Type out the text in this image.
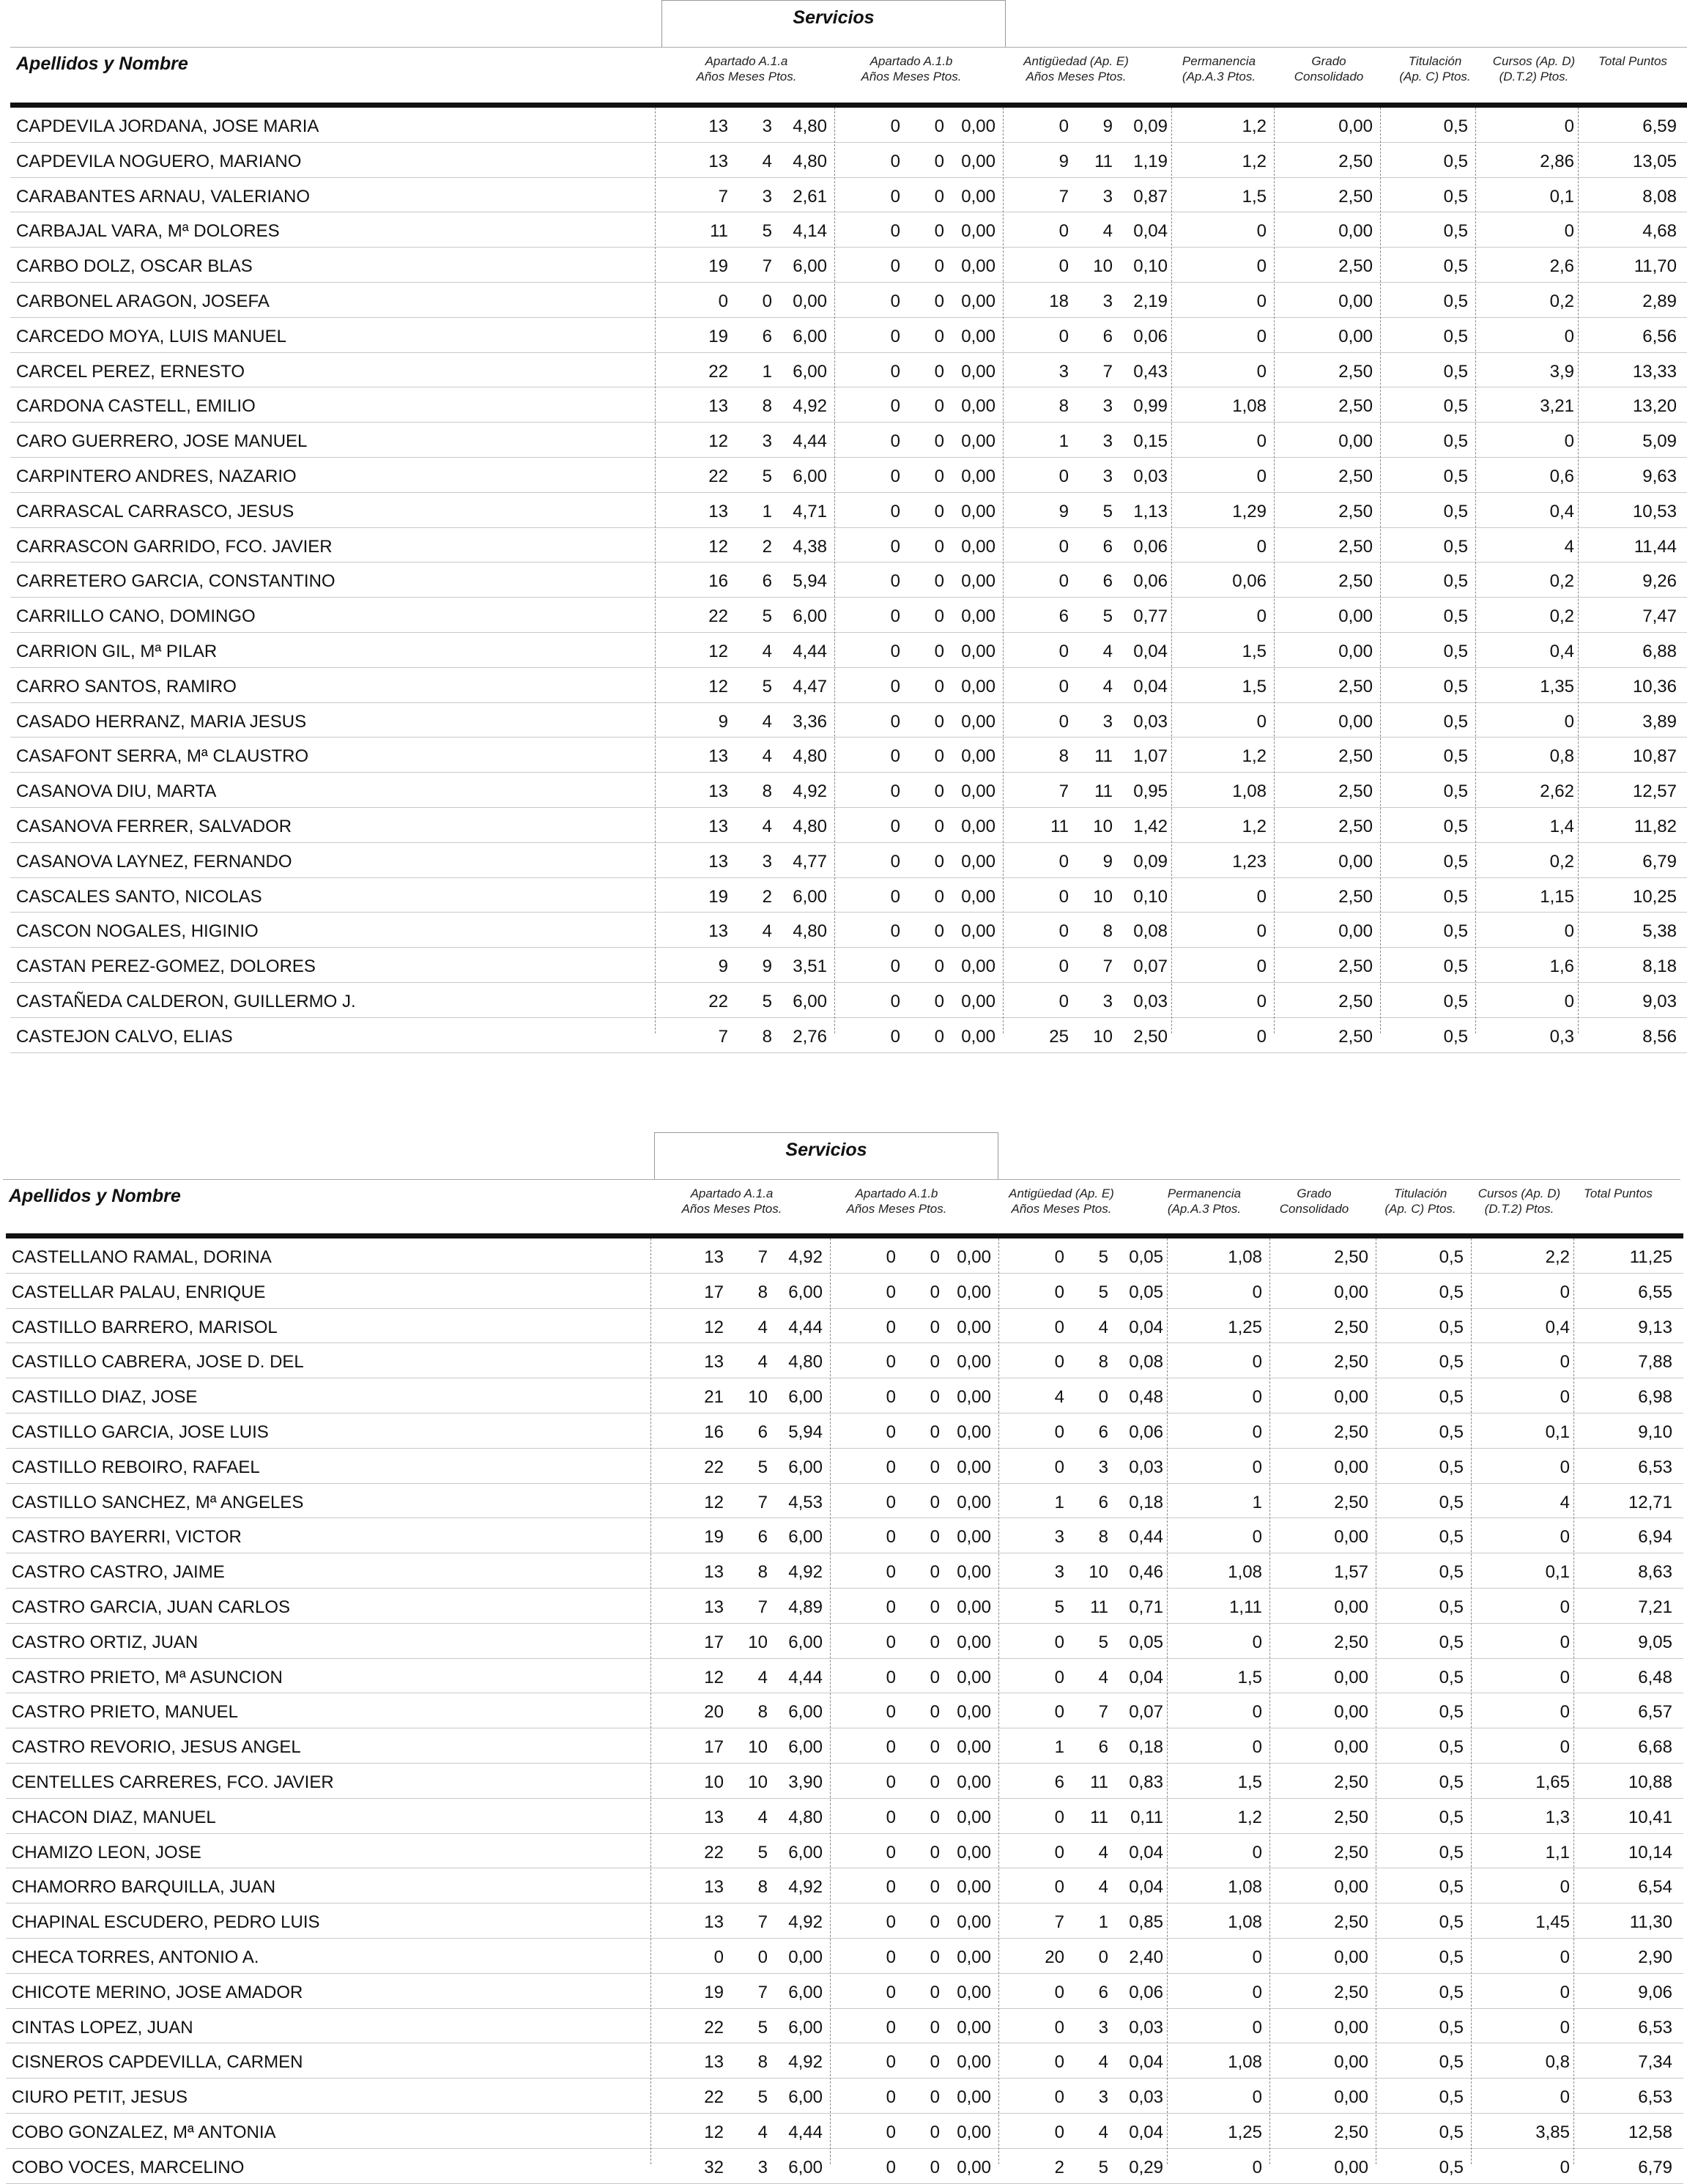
Servicios
Apellidos y Nombre	Apartado A.1.a
Años Meses Ptos.
Apartado A.1.b
Años Meses Ptos.
Antigüedad (Ap. E)
Años Meses Ptos.
Permanencia
(Ap.A.3 Ptos.
Grado
Consolidado
Titulación
(Ap. C) Ptos.
Cursos (Ap. D)
(D.T.2) Ptos.
Total Puntos
CAPDEVILA JORDANA, JOSE MARIA	13 3 4,80	0 0 0,00	0 9 0,09	1,2	0,00	0,5	0	6,59
CAPDEVILA NOGUERO, MARIANO	13 4 4,80	0 0 0,00	9 11 1,19	1,2	2,50	0,5	2,86	13,05
CARABANTES ARNAU, VALERIANO	7 3 2,61	0 0 0,00	7 3 0,87	1,5	2,50	0,5	0,1	8,08
CARBAJAL VARA, Mª DOLORES	11 5 4,14	0 0 0,00	0 4 0,04	0	0,00	0,5	0	4,68
CARBO DOLZ, OSCAR BLAS	19 7 6,00	0 0 0,00	0 10 0,10	0	2,50	0,5	2,6	11,70
CARBONEL ARAGON, JOSEFA	0 0 0,00	0 0 0,00	18 3 2,19	0	0,00	0,5	0,2	2,89
CARCEDO MOYA, LUIS MANUEL	19 6 6,00	0 0 0,00	0 6 0,06	0	0,00	0,5	0	6,56
CARCEL PEREZ, ERNESTO	22 1 6,00	0 0 0,00	3 7 0,43	0	2,50	0,5	3,9	13,33
CARDONA CASTELL, EMILIO	13 8 4,92	0 0 0,00	8 3 0,99	1,08	2,50	0,5	3,21	13,20
CARO GUERRERO, JOSE MANUEL	12 3 4,44	0 0 0,00	1 3 0,15	0	0,00	0,5	0	5,09
CARPINTERO ANDRES, NAZARIO	22 5 6,00	0 0 0,00	0 3 0,03	0	2,50	0,5	0,6	9,63
CARRASCAL CARRASCO, JESUS	13 1 4,71	0 0 0,00	9 5 1,13	1,29	2,50	0,5	0,4	10,53
CARRASCON GARRIDO, FCO. JAVIER	12 2 4,38	0 0 0,00	0 6 0,06	0	2,50	0,5	4	11,44
CARRETERO GARCIA, CONSTANTINO	16 6 5,94	0 0 0,00	0 6 0,06	0,06	2,50	0,5	0,2	9,26
CARRILLO CANO, DOMINGO	22 5 6,00	0 0 0,00	6 5 0,77	0	0,00	0,5	0,2	7,47
CARRION GIL, Mª PILAR	12 4 4,44	0 0 0,00	0 4 0,04	1,5	0,00	0,5	0,4	6,88
CARRO SANTOS, RAMIRO	12 5 4,47	0 0 0,00	0 4 0,04	1,5	2,50	0,5	1,35	10,36
CASADO HERRANZ, MARIA JESUS	9 4 3,36	0 0 0,00	0 3 0,03	0	0,00	0,5	0	3,89
CASAFONT SERRA, Mª CLAUSTRO	13 4 4,80	0 0 0,00	8 11 1,07	1,2	2,50	0,5	0,8	10,87
CASANOVA DIU, MARTA	13 8 4,92	0 0 0,00	7 11 0,95	1,08	2,50	0,5	2,62	12,57
CASANOVA FERRER, SALVADOR	13 4 4,80	0 0 0,00	11 10 1,42	1,2	2,50	0,5	1,4	11,82
CASANOVA LAYNEZ, FERNANDO	13 3 4,77	0 0 0,00	0 9 0,09	1,23	0,00	0,5	0,2	6,79
CASCALES SANTO, NICOLAS	19 2 6,00	0 0 0,00	0 10 0,10	0	2,50	0,5	1,15	10,25
CASCON NOGALES, HIGINIO	13 4 4,80	0 0 0,00	0 8 0,08	0	0,00	0,5	0	5,38
CASTAN PEREZ-GOMEZ, DOLORES	9 9 3,51	0 0 0,00	0 7 0,07	0	2,50	0,5	1,6	8,18
CASTAÑEDA CALDERON, GUILLERMO J.	22 5 6,00	0 0 0,00	0 3 0,03	0	2,50	0,5	0	9,03
CASTEJON CALVO, ELIAS	7 8 2,76	0 0 0,00	25 10 2,50	0	2,50	0,5	0,3	8,56
Servicios
Apellidos y Nombre	Apartado A.1.a
Años Meses Ptos.
Apartado A.1.b
Años Meses Ptos.
Antigüedad (Ap. E)
Años Meses Ptos.
Permanencia
(Ap.A.3 Ptos.
Grado
Consolidado
Titulación
(Ap. C) Ptos.
Cursos (Ap. D)
(D.T.2) Ptos.
Total Puntos
CASTELLANO RAMAL, DORINA	13 7 4,92	0 0 0,00	0 5 0,05	1,08	2,50	0,5	2,2	11,25
CASTELLAR PALAU, ENRIQUE	17 8 6,00	0 0 0,00	0 5 0,05	0	0,00	0,5	0	6,55
CASTILLO BARRERO, MARISOL	12 4 4,44	0 0 0,00	0 4 0,04	1,25	2,50	0,5	0,4	9,13
CASTILLO CABRERA, JOSE D. DEL	13 4 4,80	0 0 0,00	0 8 0,08	0	2,50	0,5	0	7,88
CASTILLO DIAZ, JOSE	21 10 6,00	0 0 0,00	4 0 0,48	0	0,00	0,5	0	6,98
CASTILLO GARCIA, JOSE LUIS	16 6 5,94	0 0 0,00	0 6 0,06	0	2,50	0,5	0,1	9,10
CASTILLO REBOIRO, RAFAEL	22 5 6,00	0 0 0,00	0 3 0,03	0	0,00	0,5	0	6,53
CASTILLO SANCHEZ, Mª ANGELES	12 7 4,53	0 0 0,00	1 6 0,18	1	2,50	0,5	4	12,71
CASTRO BAYERRI, VICTOR	19 6 6,00	0 0 0,00	3 8 0,44	0	0,00	0,5	0	6,94
CASTRO CASTRO, JAIME	13 8 4,92	0 0 0,00	3 10 0,46	1,08	1,57	0,5	0,1	8,63
CASTRO GARCIA, JUAN CARLOS	13 7 4,89	0 0 0,00	5 11 0,71	1,11	0,00	0,5	0	7,21
CASTRO ORTIZ, JUAN	17 10 6,00	0 0 0,00	0 5 0,05	0	2,50	0,5	0	9,05
CASTRO PRIETO, Mª ASUNCION	12 4 4,44	0 0 0,00	0 4 0,04	1,5	0,00	0,5	0	6,48
CASTRO PRIETO, MANUEL	20 8 6,00	0 0 0,00	0 7 0,07	0	0,00	0,5	0	6,57
CASTRO REVORIO, JESUS ANGEL	17 10 6,00	0 0 0,00	1 6 0,18	0	0,00	0,5	0	6,68
CENTELLES CARRERES, FCO. JAVIER	10 10 3,90	0 0 0,00	6 11 0,83	1,5	2,50	0,5	1,65	10,88
CHACON DIAZ, MANUEL	13 4 4,80	0 0 0,00	0 11 0,11	1,2	2,50	0,5	1,3	10,41
CHAMIZO LEON, JOSE	22 5 6,00	0 0 0,00	0 4 0,04	0	2,50	0,5	1,1	10,14
CHAMORRO BARQUILLA, JUAN	13 8 4,92	0 0 0,00	0 4 0,04	1,08	0,00	0,5	0	6,54
CHAPINAL ESCUDERO, PEDRO LUIS	13 7 4,92	0 0 0,00	7 1 0,85	1,08	2,50	0,5	1,45	11,30
CHECA TORRES, ANTONIO A.	0 0 0,00	0 0 0,00	20 0 2,40	0	0,00	0,5	0	2,90
CHICOTE MERINO, JOSE AMADOR	19 7 6,00	0 0 0,00	0 6 0,06	0	2,50	0,5	0	9,06
CINTAS LOPEZ, JUAN	22 5 6,00	0 0 0,00	0 3 0,03	0	0,00	0,5	0	6,53
CISNEROS CAPDEVILLA, CARMEN	13 8 4,92	0 0 0,00	0 4 0,04	1,08	0,00	0,5	0,8	7,34
CIURO PETIT, JESUS	22 5 6,00	0 0 0,00	0 3 0,03	0	0,00	0,5	0	6,53
COBO GONZALEZ, Mª ANTONIA	12 4 4,44	0 0 0,00	0 4 0,04	1,25	2,50	0,5	3,85	12,58
COBO VOCES, MARCELINO	32 3 6,00	0 0 0,00	2 5 0,29	0	0,00	0,5	0	6,79
